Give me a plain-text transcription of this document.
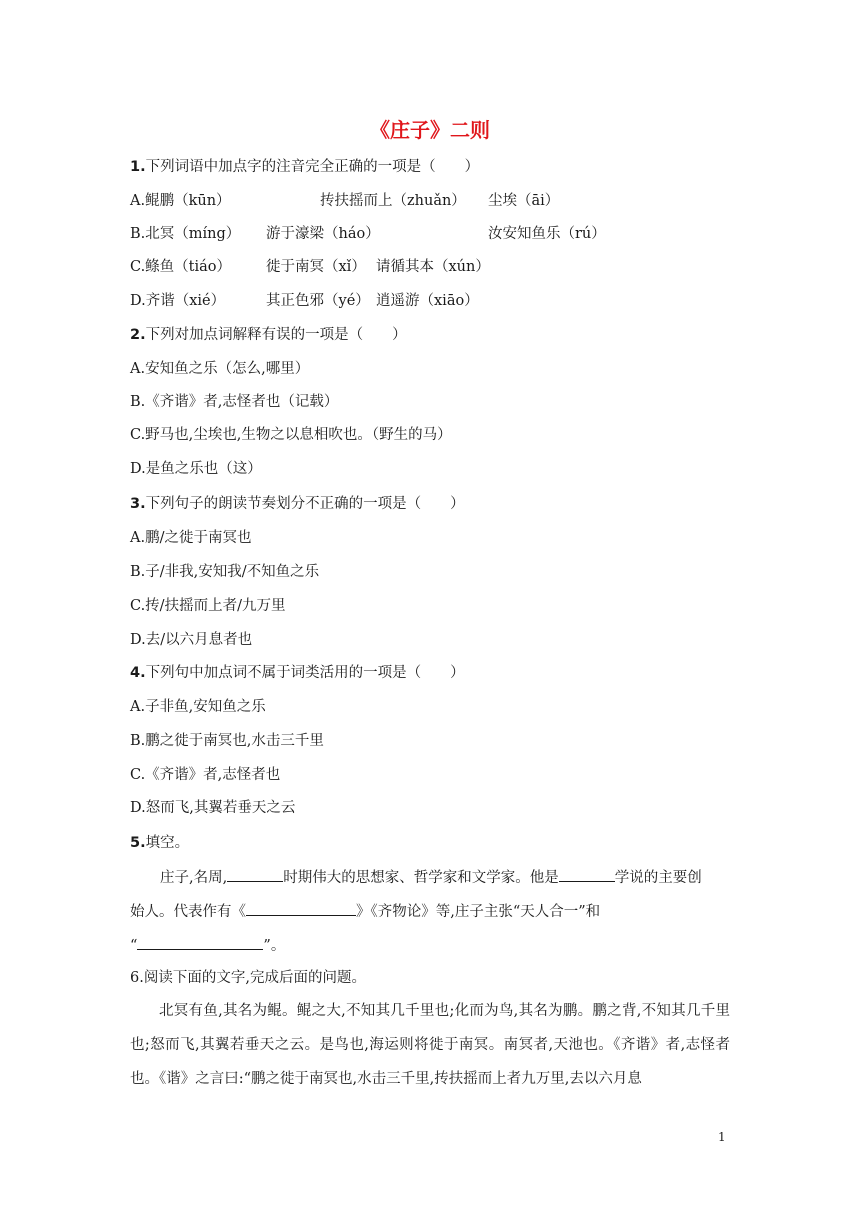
《庄子》二则
1.下列词语中加点字的注音完全正确的一项是（　　）
A.鲲鹏（kūn）	抟扶摇而上（zhuǎn） 尘埃（āi）
B.北冥（míng） 游于濠梁（háo）	汝安知鱼乐（rú）
C.鲦鱼（tiáo） 徙于南冥（xǐ） 请循其本（xún）
D.齐谐（xié）	其正色邪（yé） 逍遥游（xiāo）
2.下列对加点词解释有误的一项是（　　）
A.安知鱼之乐（怎么,哪里）
B.《齐谐》者,志怪者也（记载）
C.野马也,尘埃也,生物之以息相吹也。（野生的马）
D.是鱼之乐也（这）
3.下列句子的朗读节奏划分不正确的一项是（　　）
A.鹏/之徙于南冥也
B.子/非我,安知我/不知鱼之乐
C.抟/扶摇而上者/九万里
D.去/以六月息者也
4.下列句中加点词不属于词类活用的一项是（　　）
A.子非鱼,安知鱼之乐
B.鹏之徙于南冥也,水击三千里
C.《齐谐》者,志怪者也
D.怒而飞,其翼若垂天之云
5.填空。
庄子,名周,	时期伟大的思想家、哲学家和文学家。他是	学说的主要创
始人。代表作有《	》《齐物论》等,庄子主张“天人合一”和
“	”。
6.阅读下面的文字,完成后面的问题。
北冥有鱼,其名为鲲。鲲之大,不知其几千里也;化而为鸟,其名为鹏。鹏之背,不知其几千里也;怒而飞,其翼若垂天之云。是鸟也,海运则将徙于南冥。南冥者,天池也。《齐谐》者,志怪者也。《谐》之言曰:“鹏之徙于南冥也,水击三千里,抟扶摇而上者九万里,去以六月息
1
